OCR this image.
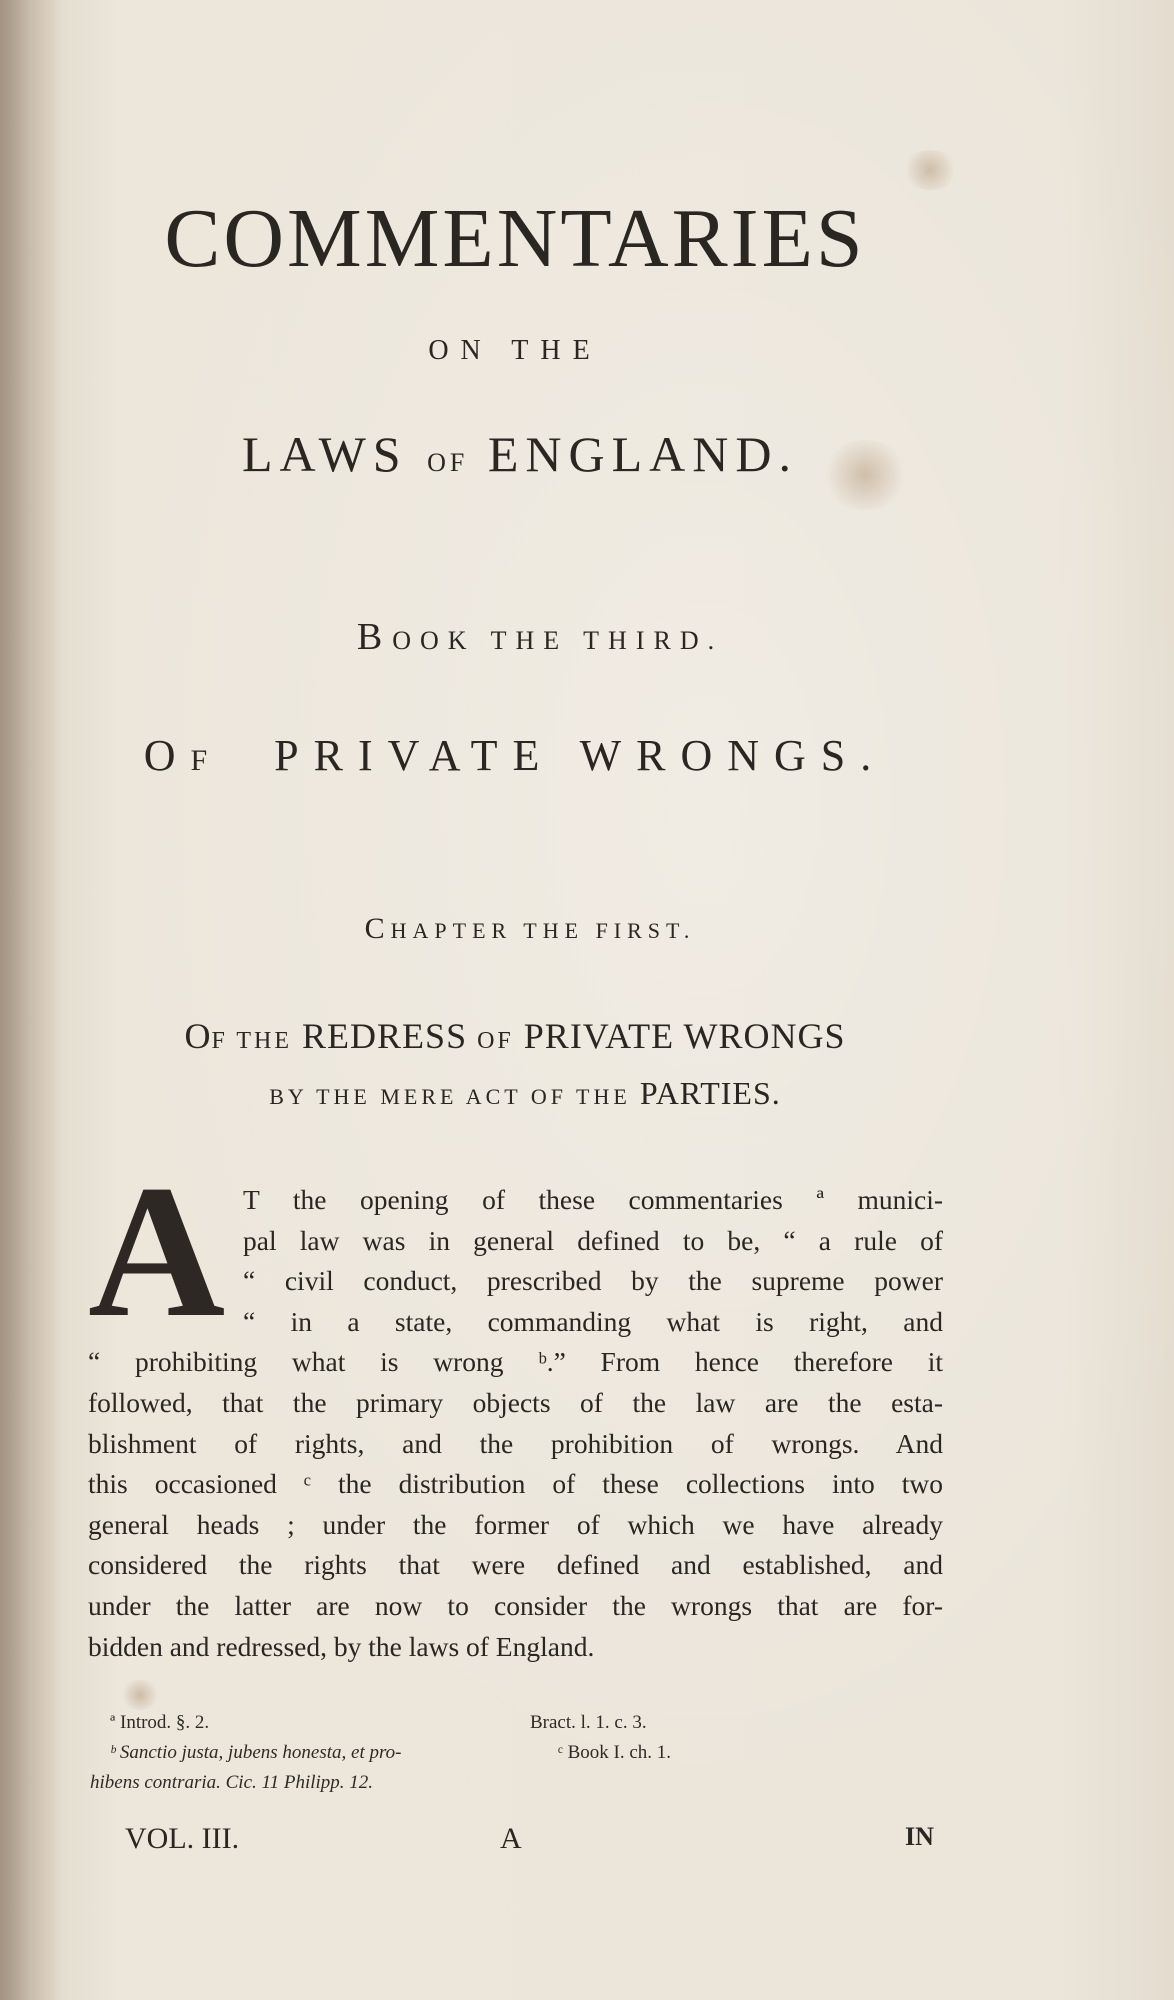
COMMENTARIES
ON THE
LAWS OF ENGLAND.
BOOK THE THIRD.
OF PRIVATE WRONGS.
CHAPTER THE FIRST.
OF THE REDRESS OF PRIVATE WRONGS
BY THE MERE ACT OF THE PARTIES.
A T the opening of these commentaries ª munici-
pal law was in general defined to be, “ a rule of
“ civil conduct, prescribed by the supreme power
“ in a state, commanding what is right, and
“ prohibiting what is wrong ᵇ.” From hence therefore it
followed, that the primary objects of the law are the esta-
blishment of rights, and the prohibition of wrongs. And
this occasioned ᶜ the distribution of these collections into two
general heads ; under the former of which we have already
considered the rights that were defined and established, and
under the latter are now to consider the wrongs that are for-
bidden and redressed, by the laws of England.
ª Introd. §. 2.
ᵇ Sanctio justa, jubens honesta, et pro-
hibens contraria. Cic. 11 Philipp. 12.
Bract. l. 1. c. 3.
ᶜ Book I. ch. 1.
VOL. III.	A	IN
